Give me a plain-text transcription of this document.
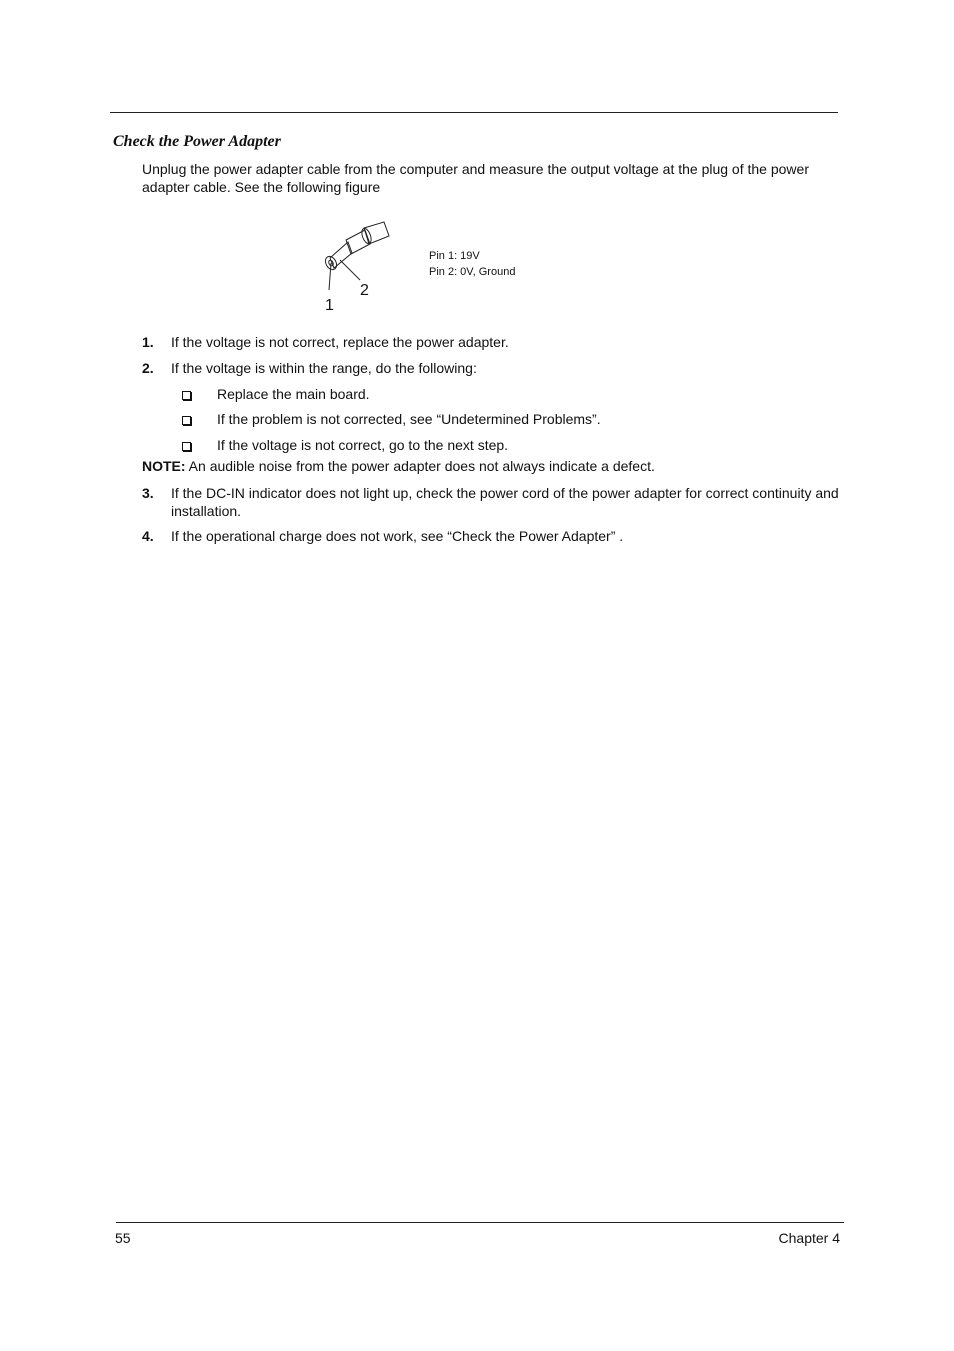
Check the Power Adapter
Unplug the power adapter cable from the computer and measure the output voltage at the plug of the power adapter cable. See the following figure
1
2
Pin 1: 19V
Pin 2: 0V, Ground
1. If the voltage is not correct, replace the power adapter.
2. If the voltage is within the range, do the following:
Replace the main board.
If the problem is not corrected, see “Undetermined Problems”.
If the voltage is not correct, go to the next step.
NOTE: An audible noise from the power adapter does not always indicate a defect.
3. If the DC-IN indicator does not light up, check the power cord of the power adapter for correct continuity and installation.
4. If the operational charge does not work, see “Check the Power Adapter” .
55	Chapter 4
